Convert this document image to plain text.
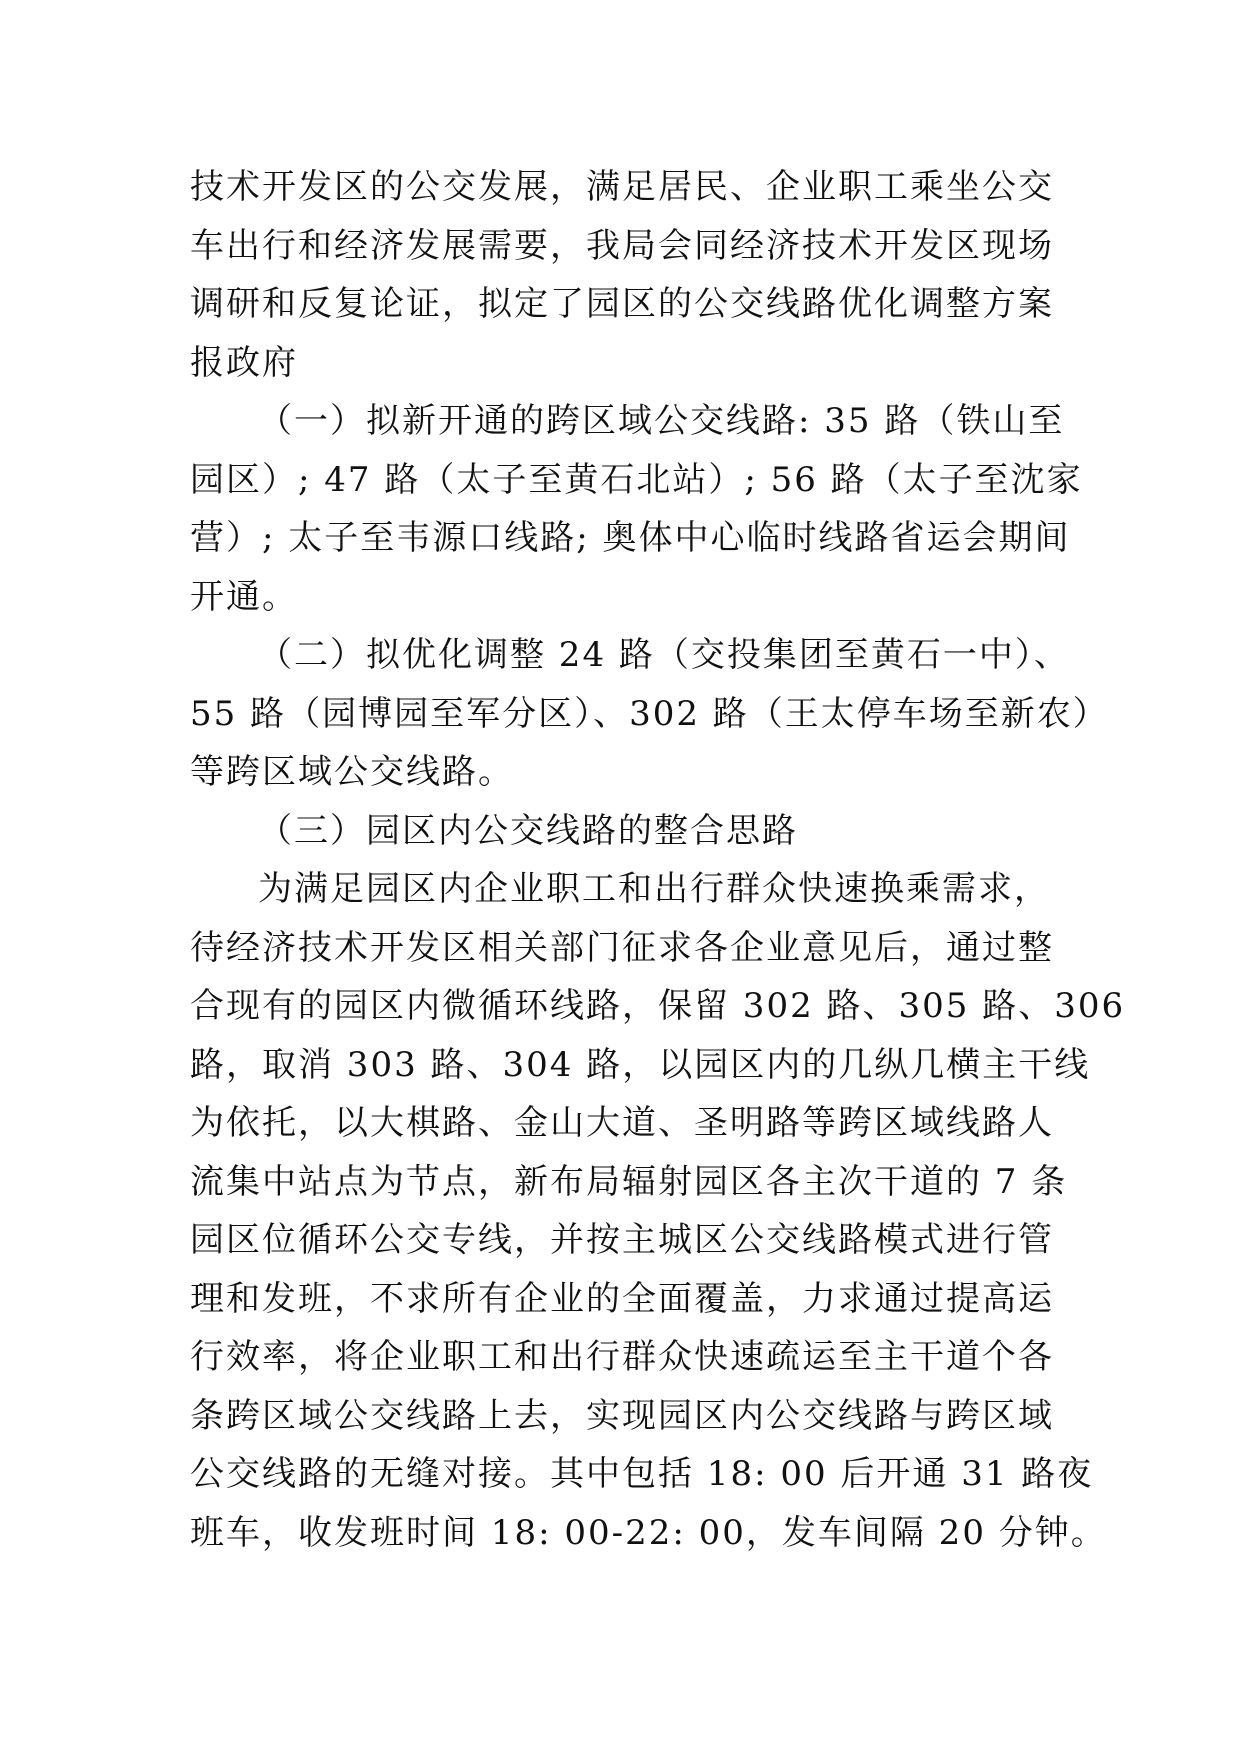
技术开发区的公交发展，满足居民、企业职工乘坐公交
车出行和经济发展需要，我局会同经济技术开发区现场
调研和反复论证，拟定了园区的公交线路优化调整方案
报政府
（一）拟新开通的跨区域公交线路: 35 路（铁山至
园区）; 47 路（太子至黄石北站）; 56 路（太子至沈家
营）; 太子至韦源口线路; 奥体中心临时线路省运会期间
开通。
（二）拟优化调整 24 路（交投集团至黄石一中）、
55 路（园博园至军分区）、302 路（王太停车场至新农）
等跨区域公交线路。
（三）园区内公交线路的整合思路
为满足园区内企业职工和出行群众快速换乘需求，
待经济技术开发区相关部门征求各企业意见后，通过整
合现有的园区内微循环线路，保留 302 路、305 路、306
路，取消 303 路、304 路，以园区内的几纵几横主干线
为依托，以大棋路、金山大道、圣明路等跨区域线路人
流集中站点为节点，新布局辐射园区各主次干道的 7 条
园区位循环公交专线，并按主城区公交线路模式进行管
理和发班，不求所有企业的全面覆盖，力求通过提高运
行效率，将企业职工和出行群众快速疏运至主干道个各
条跨区域公交线路上去，实现园区内公交线路与跨区域
公交线路的无缝对接。其中包括 18: 00 后开通 31 路夜
班车，收发班时间 18: 00-22: 00，发车间隔 20 分钟。
